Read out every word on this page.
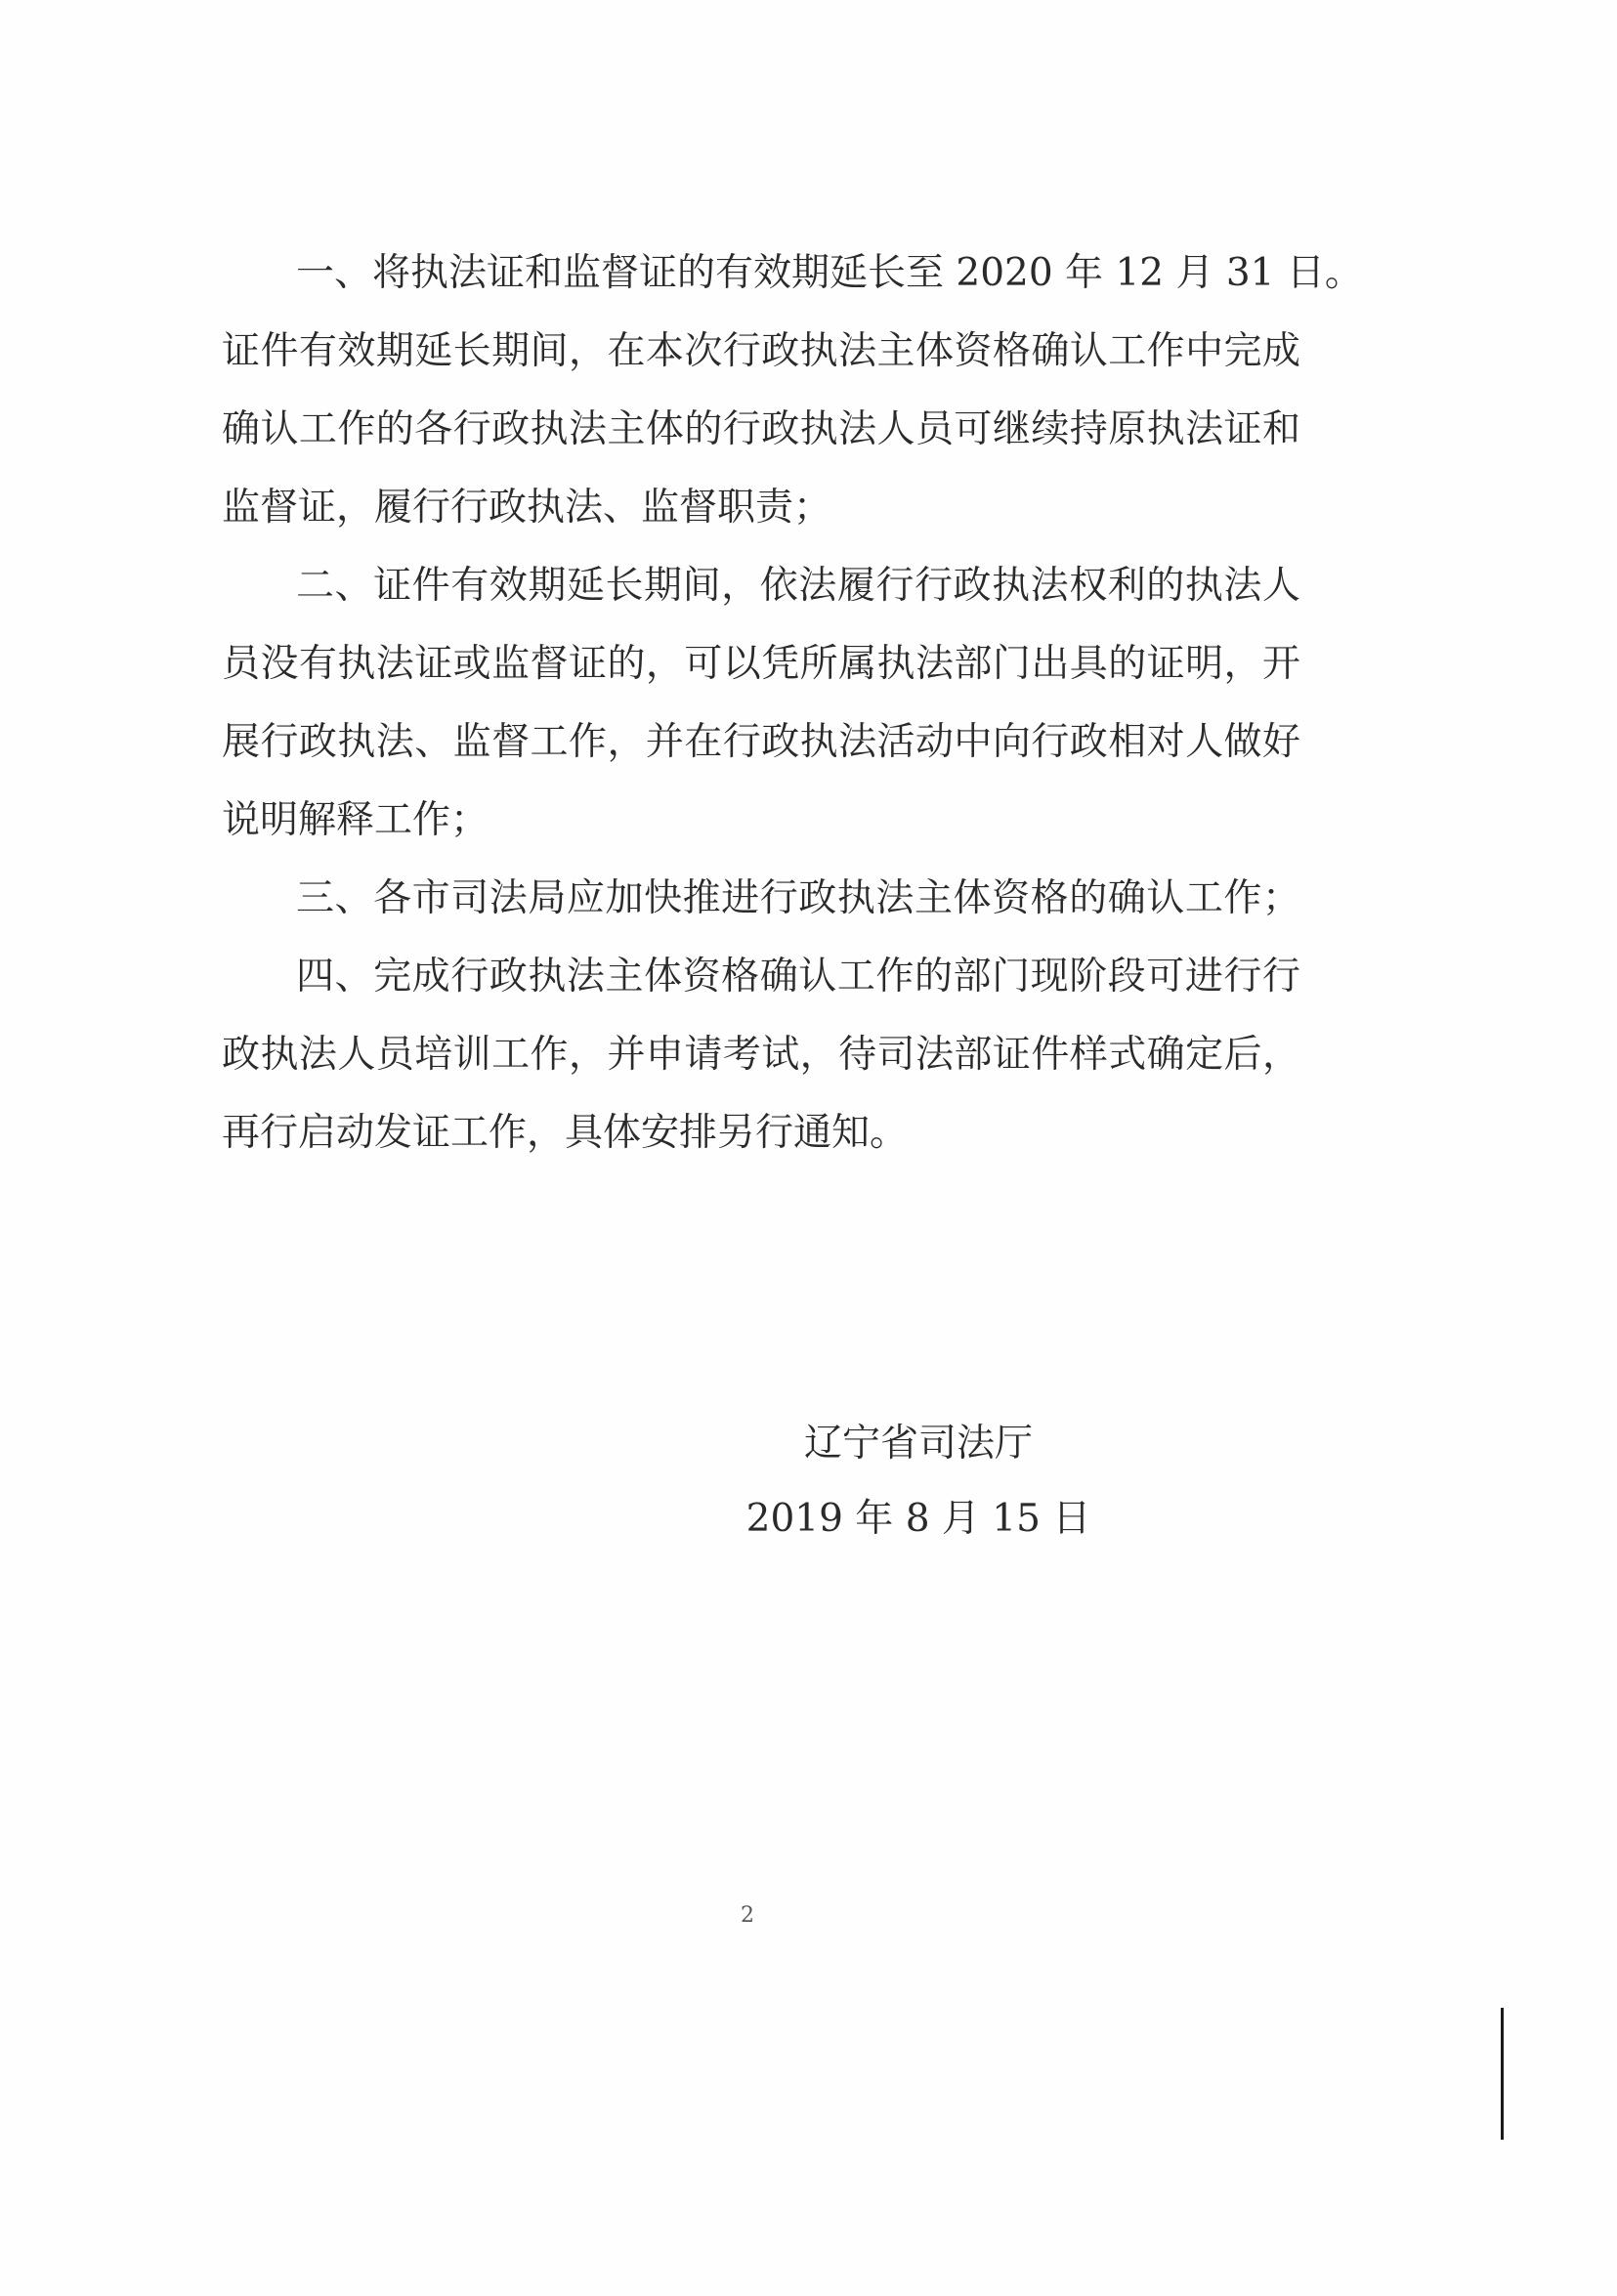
一、将执法证和监督证的有效期延长至 2020 年 12 月 31 日。
证件有效期延长期间，在本次行政执法主体资格确认工作中完成
确认工作的各行政执法主体的行政执法人员可继续持原执法证和
监督证，履行行政执法、监督职责；
二、证件有效期延长期间，依法履行行政执法权利的执法人
员没有执法证或监督证的，可以凭所属执法部门出具的证明，开
展行政执法、监督工作，并在行政执法活动中向行政相对人做好
说明解释工作；
三、各市司法局应加快推进行政执法主体资格的确认工作；
四、完成行政执法主体资格确认工作的部门现阶段可进行行
政执法人员培训工作，并申请考试，待司法部证件样式确定后，
再行启动发证工作，具体安排另行通知。
辽宁省司法厅
2019 年 8 月 15 日
2
